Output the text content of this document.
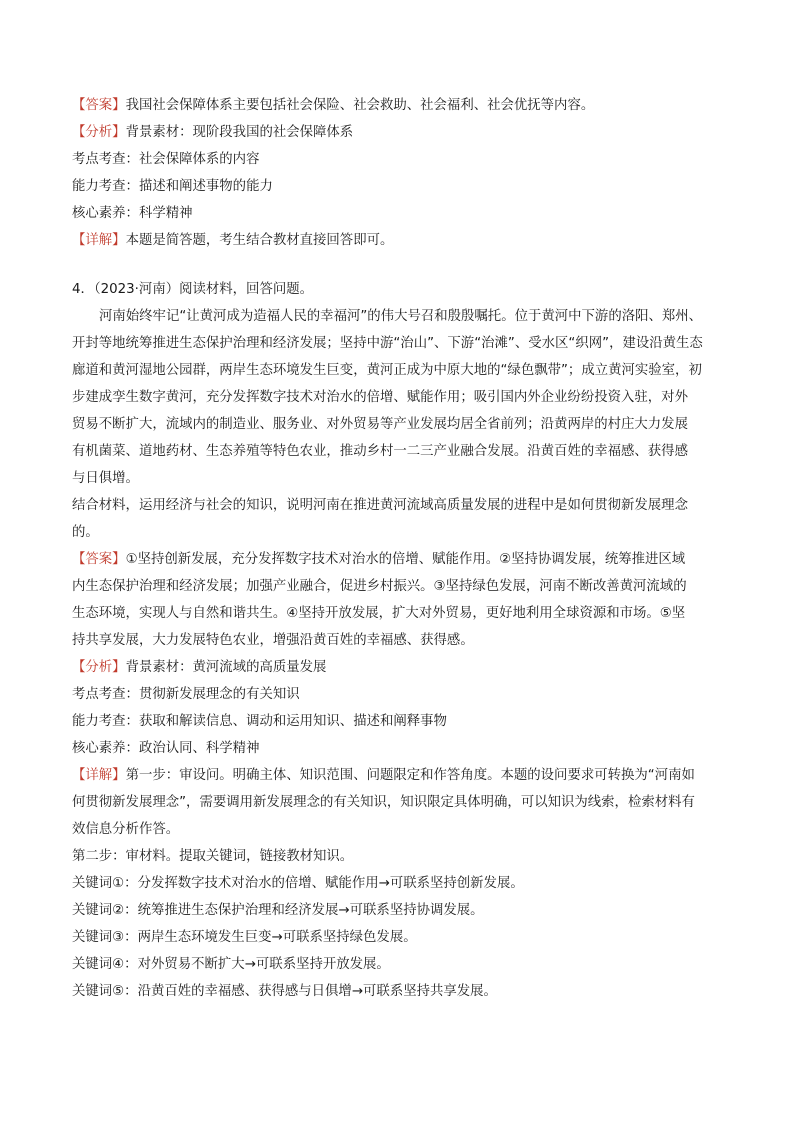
【答案】我国社会保障体系主要包括社会保险、社会救助、社会福利、社会优抚等内容。
【分析】背景素材：现阶段我国的社会保障体系
考点考查：社会保障体系的内容
能力考查：描述和阐述事物的能力
核心素养：科学精神
【详解】本题是简答题，考生结合教材直接回答即可。
4．（2023·河南）阅读材料，回答问题。
河南始终牢记“让黄河成为造福人民的幸福河”的伟大号召和殷殷嘱托。位于黄河中下游的洛阳、郑州、
开封等地统筹推进生态保护治理和经济发展；坚持中游“治山”、下游“治滩”、受水区“织网”，建设沿黄生态
廊道和黄河湿地公园群，两岸生态环境发生巨变，黄河正成为中原大地的“绿色飘带”；成立黄河实验室，初
步建成孪生数字黄河，充分发挥数字技术对治水的倍增、赋能作用；吸引国内外企业纷纷投资入驻，对外
贸易不断扩大，流域内的制造业、服务业、对外贸易等产业发展均居全省前列；沿黄两岸的村庄大力发展
有机菌菜、道地药材、生态养殖等特色农业，推动乡村一二三产业融合发展。沿黄百姓的幸福感、获得感
与日俱增。
结合材料，运用经济与社会的知识，说明河南在推进黄河流域高质量发展的进程中是如何贯彻新发展理念
的。
【答案】①坚持创新发展，充分发挥数字技术对治水的倍增、赋能作用。②坚持协调发展，统筹推进区域
内生态保护治理和经济发展；加强产业融合，促进乡村振兴。③坚持绿色发展，河南不断改善黄河流域的
生态环境，实现人与自然和谐共生。④坚持开放发展，扩大对外贸易，更好地利用全球资源和市场。⑤坚
持共享发展，大力发展特色农业，增强沿黄百姓的幸福感、获得感。
【分析】背景素材：黄河流域的高质量发展
考点考查：贯彻新发展理念的有关知识
能力考查：获取和解读信息、调动和运用知识、描述和阐释事物
核心素养：政治认同、科学精神
【详解】第一步：审设问。明确主体、知识范围、问题限定和作答角度。本题的设问要求可转换为“河南如
何贯彻新发展理念”，需要调用新发展理念的有关知识，知识限定具体明确，可以知识为线索，检索材料有
效信息分析作答。
第二步：审材料。提取关键词，链接教材知识。
关键词①：分发挥数字技术对治水的倍增、赋能作用→可联系坚持创新发展。
关键词②：统筹推进生态保护治理和经济发展→可联系坚持协调发展。
关键词③：两岸生态环境发生巨变→可联系坚持绿色发展。
关键词④：对外贸易不断扩大→可联系坚持开放发展。
关键词⑤：沿黄百姓的幸福感、获得感与日俱增→可联系坚持共享发展。
